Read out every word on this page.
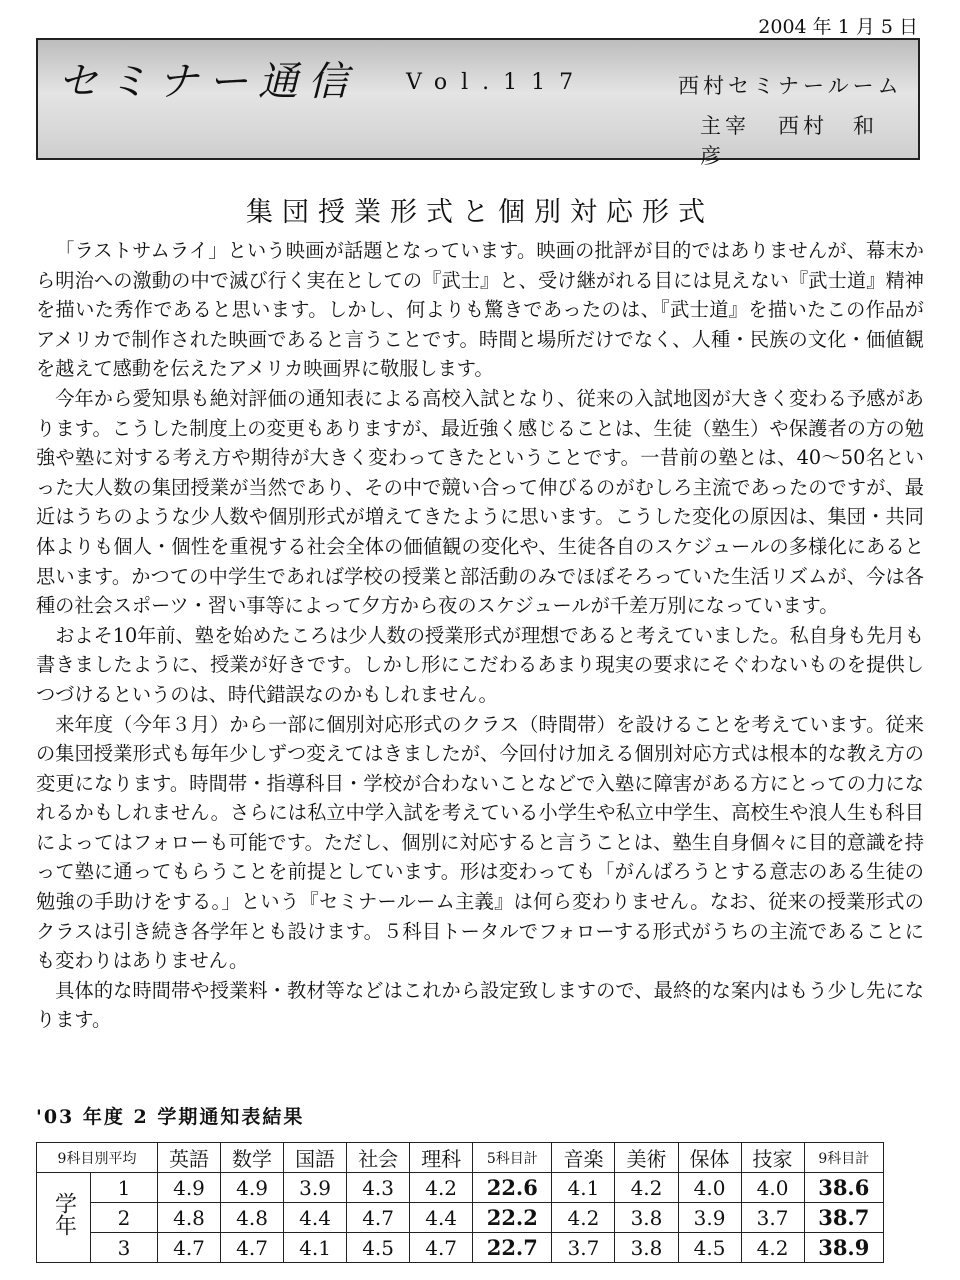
2004 年 1 月 5 日
セミナー通信 Vol.117	西村セミナールーム
主宰 西村　和彦
集団授業形式と個別対応形式

「ラストサムライ」という映画が話題となっています。映画の批評が目的ではありませんが、幕末から明治への激動の中で滅び行く実在としての『武士』と、受け継がれる目には見えない『武士道』精神を描いた秀作であると思います。しかし、何よりも驚きであったのは、『武士道』を描いたこの作品がアメリカで制作された映画であると言うことです。時間と場所だけでなく、人種・民族の文化・価値観を越えて感動を伝えたアメリカ映画界に敬服します。

今年から愛知県も絶対評価の通知表による高校入試となり、従来の入試地図が大きく変わる予感があります。こうした制度上の変更もありますが、最近強く感じることは、生徒（塾生）や保護者の方の勉強や塾に対する考え方や期待が大きく変わってきたということです。一昔前の塾とは、40〜50名といった大人数の集団授業が当然であり、その中で競い合って伸びるのがむしろ主流であったのですが、最近はうちのような少人数や個別形式が増えてきたように思います。こうした変化の原因は、集団・共同体よりも個人・個性を重視する社会全体の価値観の変化や、生徒各自のスケジュールの多様化にあると思います。かつての中学生であれば学校の授業と部活動のみでほぼそろっていた生活リズムが、今は各種の社会スポーツ・習い事等によって夕方から夜のスケジュールが千差万別になっています。

およそ10年前、塾を始めたころは少人数の授業形式が理想であると考えていました。私自身も先月も書きましたように、授業が好きです。しかし形にこだわるあまり現実の要求にそぐわないものを提供しつづけるというのは、時代錯誤なのかもしれません。

来年度（今年３月）から一部に個別対応形式のクラス（時間帯）を設けることを考えています。従来の集団授業形式も毎年少しずつ変えてはきましたが、今回付け加える個別対応方式は根本的な教え方の変更になります。時間帯・指導科目・学校が合わないことなどで入塾に障害がある方にとっての力になれるかもしれません。さらには私立中学入試を考えている小学生や私立中学生、高校生や浪人生も科目によってはフォローも可能です。ただし、個別に対応すると言うことは、塾生自身個々に目的意識を持って塾に通ってもらうことを前提としています。形は変わっても「がんばろうとする意志のある生徒の勉強の手助けをする。」という『セミナールーム主義』は何ら変わりません。なお、従来の授業形式のクラスは引き続き各学年とも設けます。５科目トータルでフォローする形式がうちの主流であることにも変わりはありません。

具体的な時間帯や授業料・教材等などはこれから設定致しますので、最終的な案内はもう少し先になります。

'03 年度 2 学期通知表結果
9科目別平均		英語	数学	国語	社会	理科	5科目計	音楽	美術	保体	技家	9科目計
学年	1	4.9	4.9	3.9	4.3	4.2	22.6	4.1	4.2	4.0	4.0	38.6
	2	4.8	4.8	4.4	4.7	4.4	22.2	4.2	3.8	3.9	3.7	38.7
	3	4.7	4.7	4.1	4.5	4.7	22.7	3.7	3.8	4.5	4.2	38.9
